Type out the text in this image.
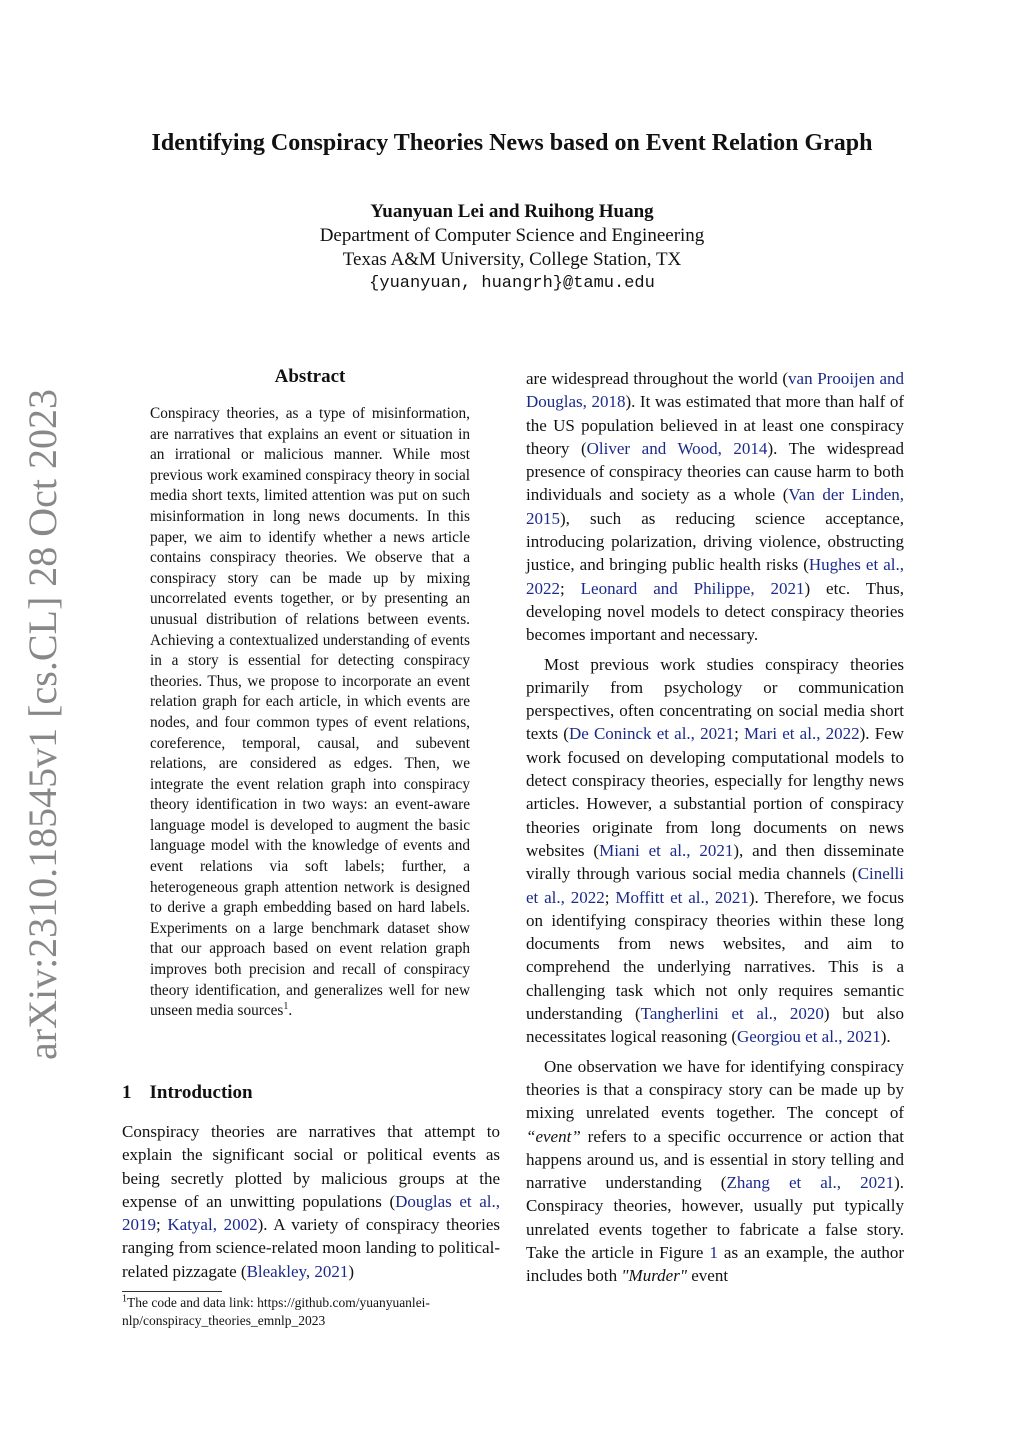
arXiv:2310.18545v1 [cs.CL] 28 Oct 2023
Identifying Conspiracy Theories News based on Event Relation Graph
Yuanyuan Lei and Ruihong Huang
Department of Computer Science and Engineering
Texas A&M University, College Station, TX
{yuanyuan, huangrh}@tamu.edu
Abstract
Conspiracy theories, as a type of misinformation, are narratives that explains an event or situation in an irrational or malicious manner. While most previous work examined conspiracy theory in social media short texts, limited attention was put on such misinformation in long news documents. In this paper, we aim to identify whether a news article contains conspiracy theories. We observe that a conspiracy story can be made up by mixing uncorrelated events together, or by presenting an unusual distribution of relations between events. Achieving a contextualized understanding of events in a story is essential for detecting conspiracy theories. Thus, we propose to incorporate an event relation graph for each article, in which events are nodes, and four common types of event relations, coreference, temporal, causal, and subevent relations, are considered as edges. Then, we integrate the event relation graph into conspiracy theory identification in two ways: an event-aware language model is developed to augment the basic language model with the knowledge of events and event relations via soft labels; further, a heterogeneous graph attention network is designed to derive a graph embedding based on hard labels. Experiments on a large benchmark dataset show that our approach based on event relation graph improves both precision and recall of conspiracy theory identification, and generalizes well for new unseen media sources$^1$.
1 Introduction
Conspiracy theories are narratives that attempt to explain the significant social or political events as being secretly plotted by malicious groups at the expense of an unwitting populations (Douglas et al., 2019; Katyal, 2002). A variety of conspiracy theories ranging from science-related moon landing to political-related pizzagate (Bleakley, 2021)
$^1$The code and data link: https://github.com/yuanyuanlei-nlp/conspiracy_theories_emnlp_2023

are widespread throughout the world (van Prooijen and Douglas, 2018). It was estimated that more than half of the US population believed in at least one conspiracy theory (Oliver and Wood, 2014). The widespread presence of conspiracy theories can cause harm to both individuals and society as a whole (Van der Linden, 2015), such as reducing science acceptance, introducing polarization, driving violence, obstructing justice, and bringing public health risks (Hughes et al., 2022; Leonard and Philippe, 2021) etc. Thus, developing novel models to detect conspiracy theories becomes important and necessary.

Most previous work studies conspiracy theories primarily from psychology or communication perspectives, often concentrating on social media short texts (De Coninck et al., 2021; Mari et al., 2022). Few work focused on developing computational models to detect conspiracy theories, especially for lengthy news articles. However, a substantial portion of conspiracy theories originate from long documents on news websites (Miani et al., 2021), and then disseminate virally through various social media channels (Cinelli et al., 2022; Moffitt et al., 2021). Therefore, we focus on identifying conspiracy theories within these long documents from news websites, and aim to comprehend the underlying narratives. This is a challenging task which not only requires semantic understanding (Tangherlini et al., 2020) but also necessitates logical reasoning (Georgiou et al., 2021).

One observation we have for identifying conspiracy theories is that a conspiracy story can be made up by mixing unrelated events together. The concept of “event” refers to a specific occurrence or action that happens around us, and is essential in story telling and narrative understanding (Zhang et al., 2021). Conspiracy theories, however, usually put typically unrelated events together to fabricate a false story. Take the article in Figure 1 as an example, the author includes both "Murder" event
